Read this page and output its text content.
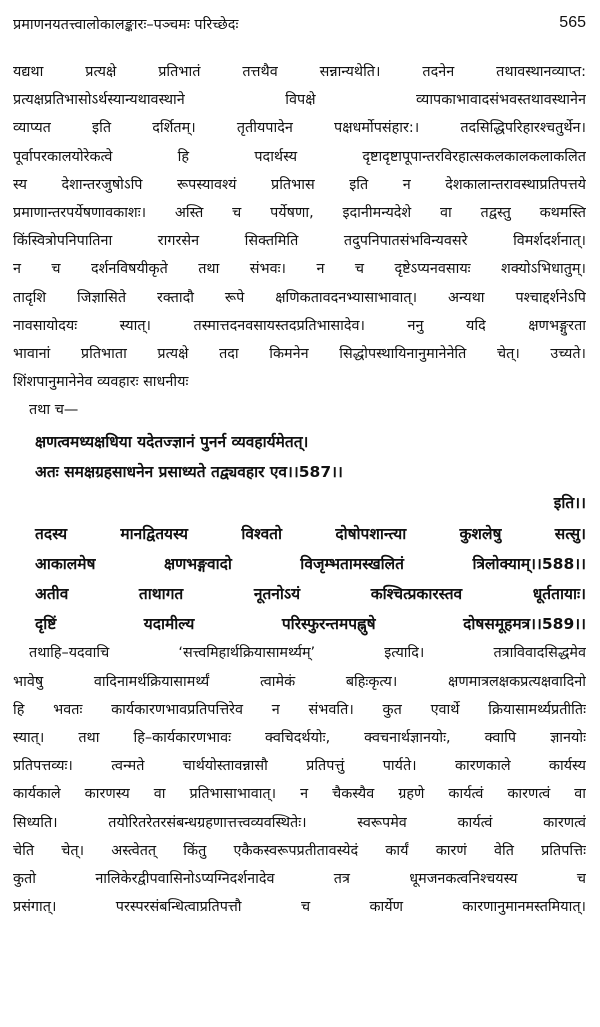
प्रमाणनयतत्त्वालोकालङ्कारः–पञ्चमः परिच्छेदः	565
यद्यथा प्रत्यक्षे प्रतिभातं तत्तथैव सन्नान्यथेति। तदनेन तथावस्थानव्याप्त:
प्रत्यक्षप्रतिभासोऽर्थस्यान्यथावस्थाने विपक्षे व्यापकाभावादसंभवस्तथावस्थानेन
व्याप्यत इति दर्शितम्। तृतीयपादेन पक्षधर्मोपसंहार:। तदसिद्धिपरिहारश्चतुर्थेन।
पूर्वापरकालयोरेकत्वे हि पदार्थस्य दृष्टादृष्टापूपान्तरविरहात्सकलकालकलाकलित
स्य देशान्तरजुषोऽपि रूपस्यावश्यं प्रतिभास इति न देशकालान्तरावस्थाप्रतिपत्तये
प्रमाणान्तरपर्येषणावकाशः। अस्ति च पर्येषणा, इदानीमन्यदेशे वा तद्वस्तु कथमस्ति
किंस्वित्रोपनिपातिना रागरसेन सिक्तमिति तदुपनिपातसंभविन्यवसरे विमर्शदर्शनात्।
न च दर्शनविषयीकृते तथा संभवः। न च दृष्टेऽप्यनवसायः शक्योऽभिधातुम्।
तादृशि जिज्ञासिते रक्तादौ रूपे क्षणिकतावदनभ्यासाभावात्। अन्यथा पश्चाद्दर्शनेऽपि
नावसायोदयः स्यात्। तस्मात्तदनवसायस्तदप्रतिभासादेव। ननु यदि क्षणभङ्गुरता
भावानां प्रतिभाता प्रत्यक्षे तदा किमनेन सिद्धोपस्थायिनानुमानेनेति चेत्। उच्यते।
शिंशपानुमानेनेव व्यवहारः साधनीयः
तथा च—
क्षणत्वमध्यक्षधिया यदेतज्ज्ञानं पुनर्न व्यवहार्यमेतत्।
अतः समक्षग्रहसाधनेन प्रसाध्यते तद्व्यवहार एव।।587।।
इति।।
तदस्य मानद्वितयस्य विश्वतो दोषोपशान्त्या कुशलेषु सत्सु।
आकालमेष क्षणभङ्गवादो विजृम्भतामस्खलितं त्रिलोक्याम्।।588।।
अतीव ताथागत नूतनोऽयं कश्चित्प्रकारस्तव धूर्ततायाः।
दृष्टिं यदामील्य परिस्फुरन्तमपह्नुषे दोषसमूहमत्र।।589।।
तथाहि–यदवाचि ‘सत्त्वमिहार्थक्रियासामर्थ्यम्’ इत्यादि। तत्राविवादसिद्धमेव
भावेषु वादिनामर्थक्रियासामर्थ्यं त्वामेकं बहिःकृत्य। क्षणमात्रलक्षकप्रत्यक्षवादिनो
हि भवतः कार्यकारणभावप्रतिपत्तिरेव न संभवति। कुत एवार्थे क्रियासामर्थ्यप्रतीतिः
स्यात्। तथा हि–कार्यकारणभावः क्वचिदर्थयोः, क्वचनार्थज्ञानयोः, क्वापि ज्ञानयोः
प्रतिपत्तव्यः। त्वन्मते चार्थयोस्तावन्नासौ प्रतिपत्तुं पार्यते। कारणकाले कार्यस्य
कार्यकाले कारणस्य वा प्रतिभासाभावात्। न चैकस्यैव ग्रहणे कार्यत्वं कारणत्वं वा
सिध्यति। तयोरितरेतरसंबन्धग्रहणात्तत्त्वव्यवस्थितेः। स्वरूपमेव कार्यत्वं कारणत्वं
चेति चेत्। अस्त्वेतत् किंतु एकैकस्वरूपप्रतीतावस्येदं कार्यं कारणं वेति प्रतिपत्तिः
कुतो नालिकेरद्वीपवासिनोऽप्यग्निदर्शनादेव तत्र धूमजनकत्वनिश्चयस्य च
प्रसंगात्। परस्परसंबन्धित्वाप्रतिपत्तौ च कार्येण कारणानुमानमस्तमियात्।
